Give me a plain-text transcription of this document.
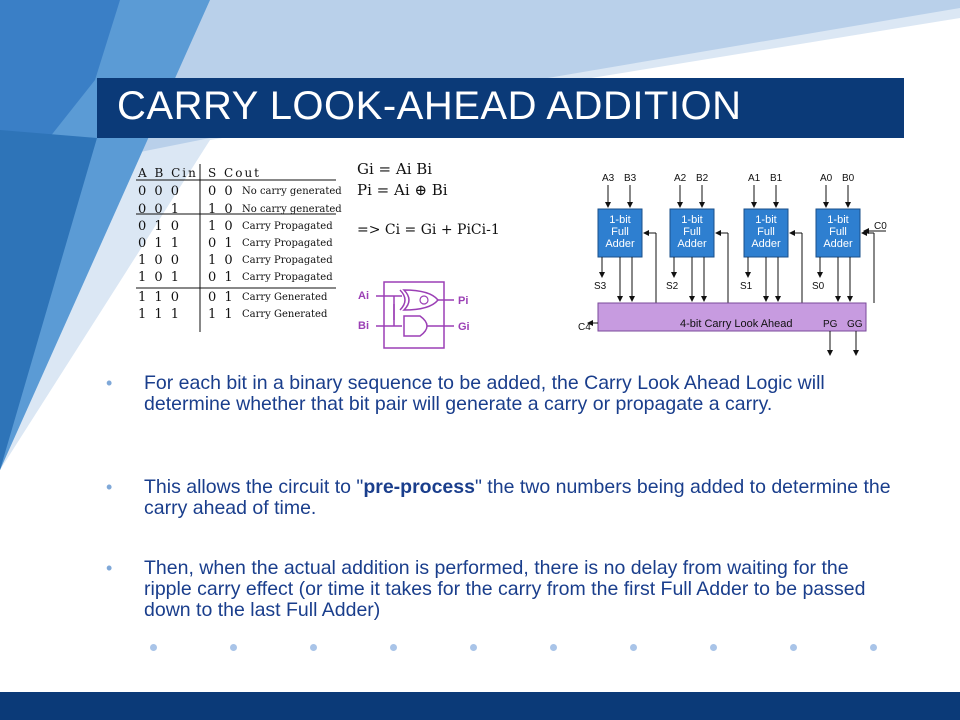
CARRY LOOK-AHEAD ADDITION
A B Cin S Cout
0 0 0	0 0 No carry generated
0 0 1	1 0 No carry generated
0 1 0	1 0 Carry Propagated
0 1 1	0 1 Carry Propagated
1 0 0	1 0 Carry Propagated
1 0 1	0 1 Carry Propagated
1 1 0	0 1 Carry Generated
1 1 1	1 1 Carry Generated
Gi = Ai Bi
Pi = Ai ⊕ Bi
=> Ci = Gi + PiCi-1
Ai
Bi
Pi
Gi
1-bit
Full
Adder
A3 B3
S3
1-bit
Full
Adder
A2 B2
S2
1-bit
Full
Adder
A1 B1
S1
1-bit
Full
Adder
A0 B0
S0
4-bit Carry Look Ahead
C0
C4	PG GG
• For each bit in a binary sequence to be added, the Carry Look Ahead Logic will determine whether that bit pair will generate a carry or propagate a carry.
• This allows the circuit to "pre-process" the two numbers being added to determine the carry ahead of time.
• Then, when the actual addition is performed, there is no delay from waiting for the ripple carry effect (or time it takes for the carry from the first Full Adder to be passed down to the last Full Adder)
